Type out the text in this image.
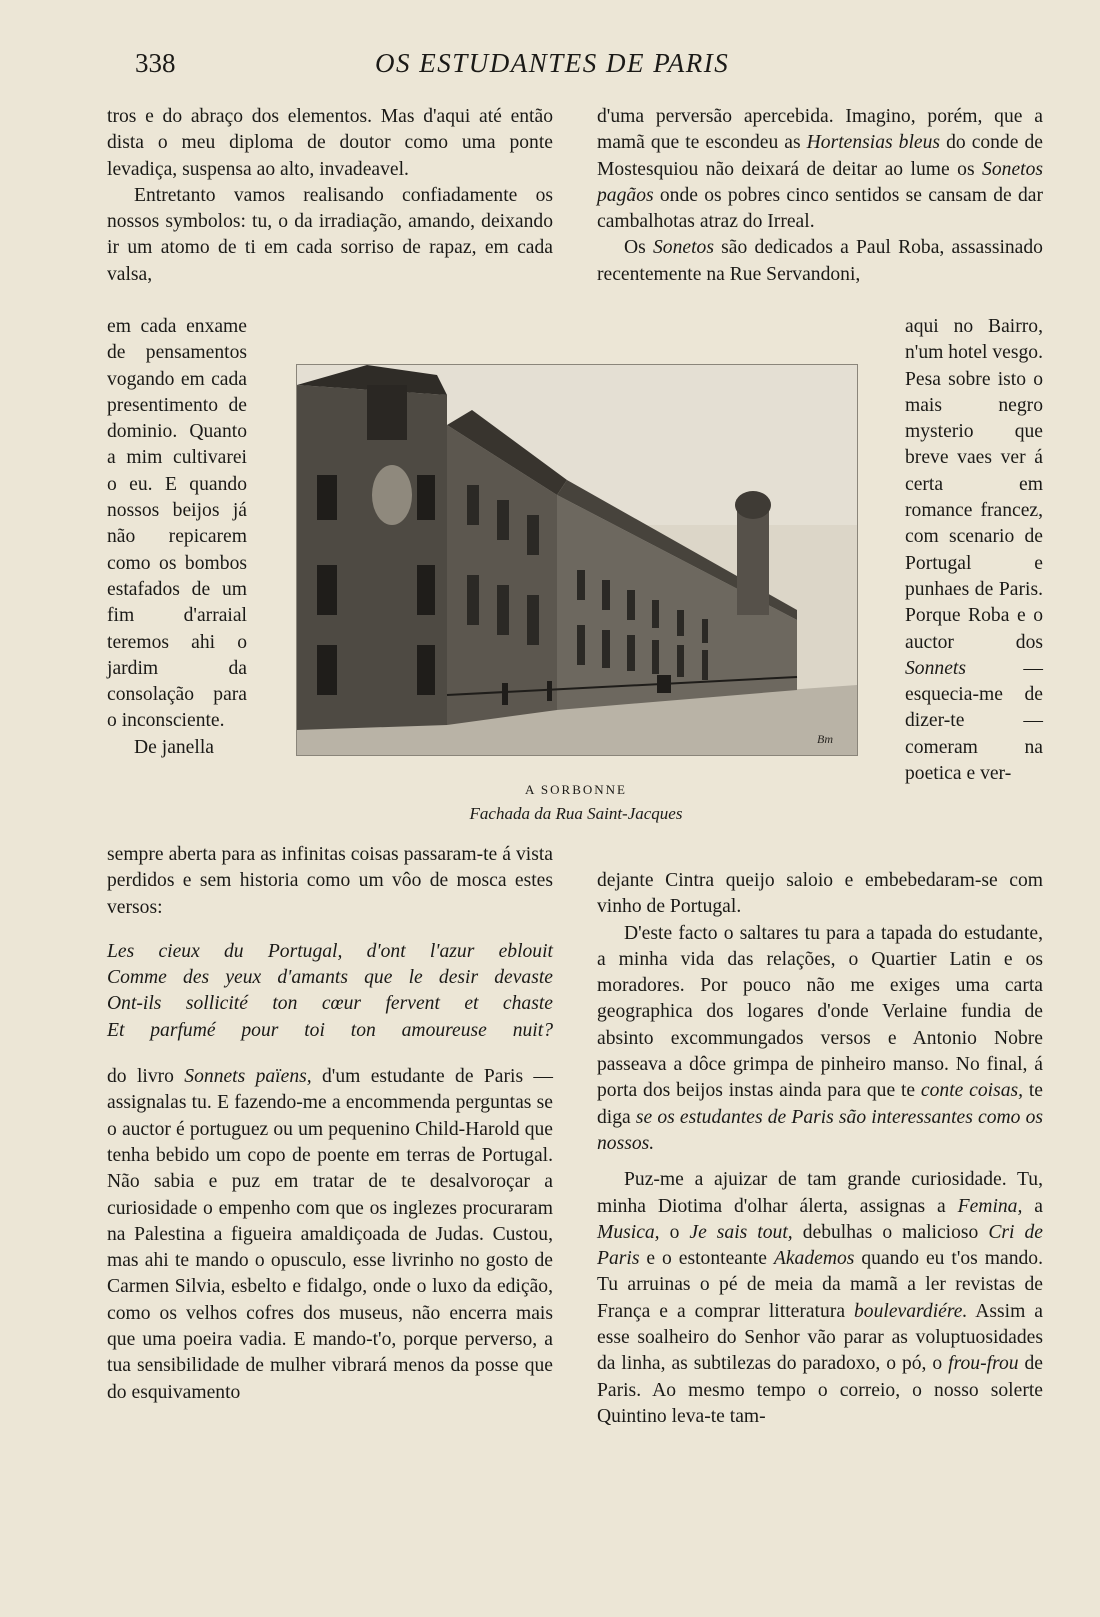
338	OS ESTUDANTES DE PARIS

tros e do abraço dos elementos. Mas d'aqui até então dista o meu diploma de doutor como uma ponte levadiça, suspensa ao alto, invadeavel.

Entretanto vamos realisando confiadamente os nossos symbolos: tu, o da irradiação, amando, deixando ir um atomo de ti em cada sorriso de rapaz, em cada valsa,

em cada enxame de pensamentos vogando em cada presentimento de dominio. Quanto a mim cultivarei o eu. E quando nossos beijos já não repicarem como os bombos estafados de um fim d'arraial teremos ahi o jardim da consolação para o inconsciente.

De janella

sempre aberta para as infinitas coisas passaram-te á vista perdidos e sem historia como um vôo de mosca estes versos:

Les cieux du Portugal, d'ont l'azur eblouit
Comme des yeux d'amants que le desir devaste
Ont-ils sollicité ton cœur fervent et chaste
Et parfumé pour toi ton amoureuse nuit?

do livro Sonnets païens, d'um estudante de Paris — assignalas tu. E fazendo-me a encommenda perguntas se o auctor é portuguez ou um pequenino Child-Harold que tenha bebido um copo de poente em terras de Portugal. Não sabia e puz em tratar de te desalvoroçar a curiosidade o empenho com que os inglezes procuraram na Palestina a figueira amaldiçoada de Judas. Custou, mas ahi te mando o opusculo, esse livrinho no gosto de Carmen Silvia, esbelto e fidalgo, onde o luxo da edição, como os velhos cofres dos museus, não encerra mais que uma poeira vadia. E mando-t'o, porque perverso, a tua sensibilidade de mulher vibrará menos da posse que do esquivamento

Bm
A SORBONNE
Fachada da Rua Saint-Jacques

d'uma perversão apercebida. Imagino, porém, que a mamã que te escondeu as Hortensias bleus do conde de Mostesquiou não deixará de deitar ao lume os Sonetos pagãos onde os pobres cinco sentidos se cansam de dar cambalhotas atraz do Irreal.

Os Sonetos são dedicados a Paul Roba, assassinado recentemente na Rue Servandoni,

aqui no Bairro, n'um hotel vesgo. Pesa sobre isto o mais negro mysterio que breve vaes ver á certa em romance francez, com scenario de Portugal e punhaes de Paris. Porque Roba e o auctor dos Sonnets — esquecia-me de dizer-te — comeram na poetica e ver-

dejante Cintra queijo saloio e embebedaram-se com vinho de Portugal.

D'este facto o saltares tu para a tapada do estudante, a minha vida das relações, o Quartier Latin e os moradores. Por pouco não me exiges uma carta geographica dos logares d'onde Verlaine fundia de absinto excommungados versos e Antonio Nobre passeava a dôce grimpa de pinheiro manso. No final, á porta dos beijos instas ainda para que te conte coisas, te diga se os estudantes de Paris são interessantes como os nossos.

Puz-me a ajuizar de tam grande curiosidade. Tu, minha Diotima d'olhar álerta, assignas a Femina, a Musica, o Je sais tout, debulhas o malicioso Cri de Paris e o estonteante Akademos quando eu t'os mando. Tu arruinas o pé de meia da mamã a ler revistas de França e a comprar litteratura boulevardiére. Assim a esse soalheiro do Senhor vão parar as voluptuosidades da linha, as subtilezas do paradoxo, o pó, o frou-frou de Paris. Ao mesmo tempo o correio, o nosso solerte Quintino leva-te tam-
